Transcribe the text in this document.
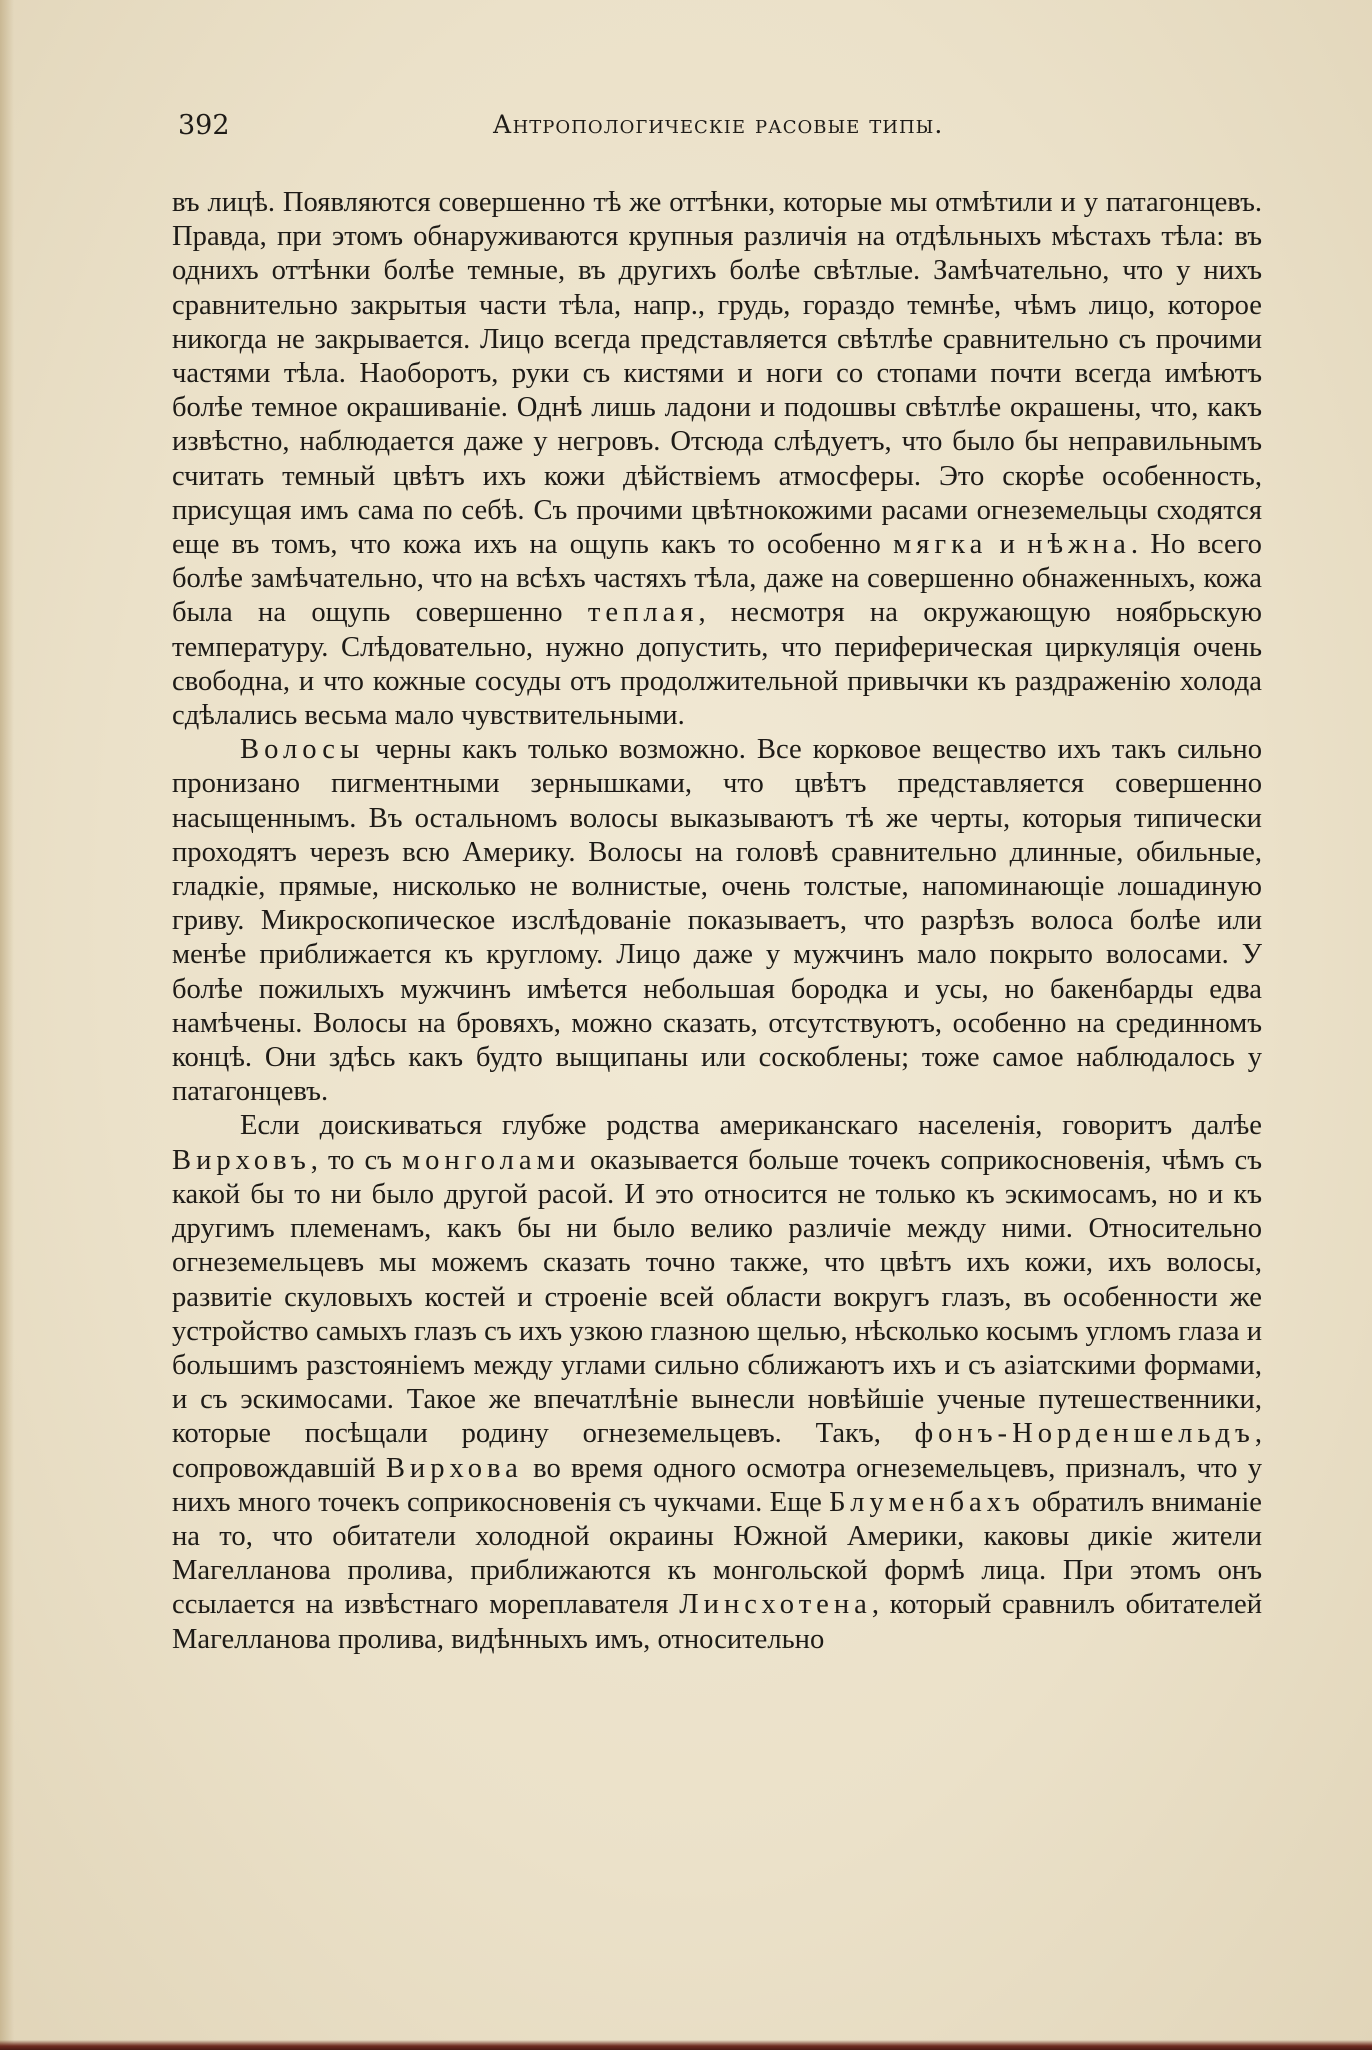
392	Антропологическіе расовые типы.

въ лицѣ. Появляются совершенно тѣ же оттѣнки, которые мы отмѣтили и у патагонцевъ. Правда, при этомъ обнаруживаются крупныя различія на отдѣльныхъ мѣстахъ тѣла: въ однихъ оттѣнки болѣе темные, въ другихъ болѣе свѣтлые. Замѣчательно, что у нихъ сравнительно закрытыя части тѣла, напр., грудь, гораздо темнѣе, чѣмъ лицо, которое никогда не закрывается. Лицо всегда представляется свѣтлѣе сравнительно съ прочими частями тѣла. Наоборотъ, руки съ кистями и ноги со стопами почти всегда имѣютъ болѣе темное окрашиваніе. Однѣ лишь ладони и подошвы свѣтлѣе окрашены, что, какъ извѣстно, наблюдается даже у негровъ. Отсюда слѣдуетъ, что было бы неправильнымъ считать темный цвѣтъ ихъ кожи дѣйствіемъ атмосферы. Это скорѣе особенность, присущая имъ сама по себѣ. Съ прочими цвѣтнокожими расами огнеземельцы сходятся еще въ томъ, что кожа ихъ на ощупь какъ то особенно мягка и нѣжна. Но всего болѣе замѣчательно, что на всѣхъ частяхъ тѣла, даже на совершенно обнаженныхъ, кожа была на ощупь совершенно теплая, несмотря на окружающую ноябрьскую температуру. Слѣдовательно, нужно допустить, что периферическая циркуляція очень свободна, и что кожные сосуды отъ продолжительной привычки къ раздраженію холода сдѣлались весьма мало чувствительными.

Волосы черны какъ только возможно. Все корковое вещество ихъ такъ сильно пронизано пигментными зернышками, что цвѣтъ представляется совершенно насыщеннымъ. Въ остальномъ волосы выказываютъ тѣ же черты, которыя типически проходятъ черезъ всю Америку. Волосы на головѣ сравнительно длинные, обильные, гладкіе, прямые, нисколько не волнистые, очень толстые, напоминающіе лошадиную гриву. Микроскопическое изслѣдованіе показываетъ, что разрѣзъ волоса болѣе или менѣе приближается къ круглому. Лицо даже у мужчинъ мало покрыто волосами. У болѣе пожилыхъ мужчинъ имѣется небольшая бородка и усы, но бакенбарды едва намѣчены. Волосы на бровяхъ, можно сказать, отсутствуютъ, особенно на срединномъ концѣ. Они здѣсь какъ будто выщипаны или соскоблены; тоже самое наблюдалось у патагонцевъ.

Если доискиваться глубже родства американскаго населенія, говоритъ далѣе Вирховъ, то съ монголами оказывается больше точекъ соприкосновенія, чѣмъ съ какой бы то ни было другой расой. И это относится не только къ эскимосамъ, но и къ другимъ племенамъ, какъ бы ни было велико различіе между ними. Относительно огнеземельцевъ мы можемъ сказать точно также, что цвѣтъ ихъ кожи, ихъ волосы, развитіе скуловыхъ костей и строеніе всей области вокругъ глазъ, въ особенности же устройство самыхъ глазъ съ ихъ узкою глазною щелью, нѣсколько косымъ угломъ глаза и большимъ разстояніемъ между углами сильно сближаютъ ихъ и съ азіатскими формами, и съ эскимосами. Такое же впечатлѣніе вынесли новѣйшіе ученые путешественники, которые посѣщали родину огнеземельцевъ. Такъ, фонъ-Норденшельдъ, сопровождавшій Вирхова во время одного осмотра огнеземельцевъ, призналъ, что у нихъ много точекъ соприкосновенія съ чукчами. Еще Блуменбахъ обратилъ вниманіе на то, что обитатели холодной окраины Южной Америки, каковы дикіе жители Магелланова пролива, приближаются къ монгольской формѣ лица. При этомъ онъ ссылается на извѣстнаго мореплавателя Линсхотена, который сравнилъ обитателей Магелланова пролива, видѣнныхъ имъ, относительно
